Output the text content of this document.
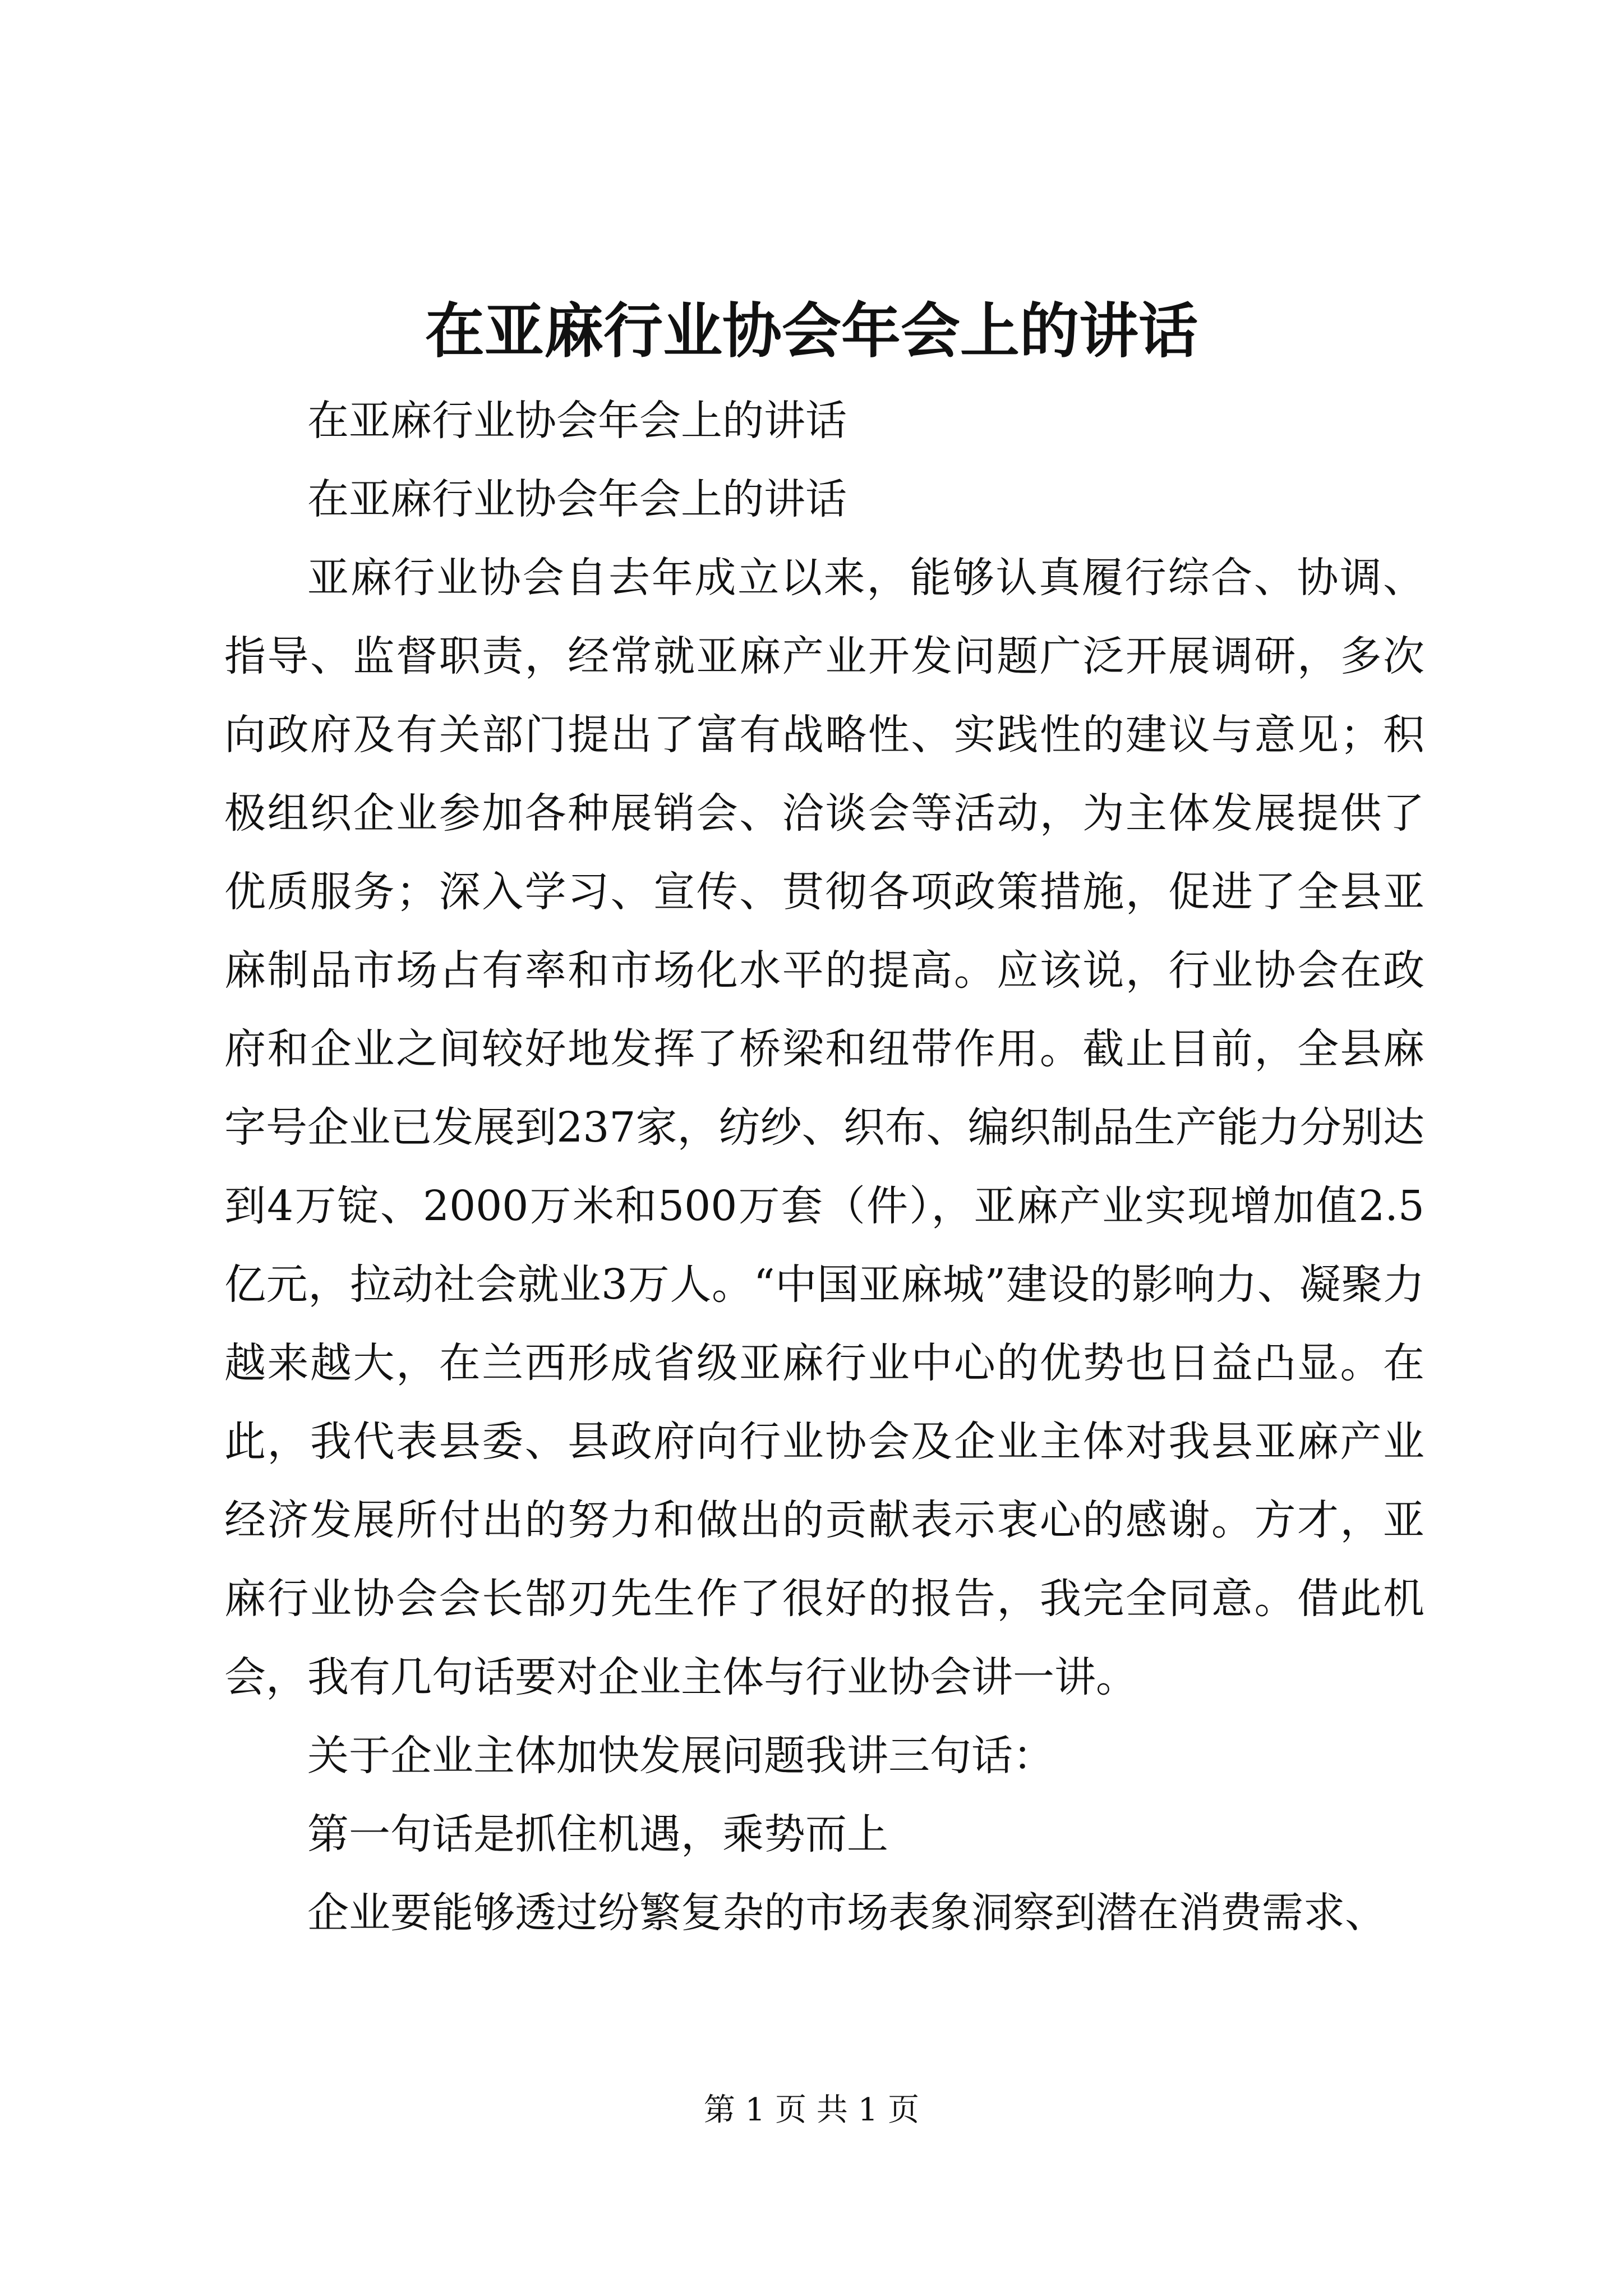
在亚麻行业协会年会上的讲话

在亚麻行业协会年会上的讲话

在亚麻行业协会年会上的讲话

亚麻行业协会自去年成立以来，能够认真履行综合、协调、指导、监督职责，经常就亚麻产业开发问题广泛开展调研，多次向政府及有关部门提出了富有战略性、实践性的建议与意见；积极组织企业参加各种展销会、洽谈会等活动，为主体发展提供了优质服务；深入学习、宣传、贯彻各项政策措施，促进了全县亚麻制品市场占有率和市场化水平的提高。应该说，行业协会在政府和企业之间较好地发挥了桥梁和纽带作用。截止目前，全县麻字号企业已发展到237家，纺纱、织布、编织制品生产能力分别达到4万锭、2000万米和500万套（件），亚麻产业实现增加值2.5亿元，拉动社会就业3万人。“中国亚麻城”建设的影响力、凝聚力越来越大，在兰西形成省级亚麻行业中心的优势也日益凸显。在此，我代表县委、县政府向行业协会及企业主体对我县亚麻产业经济发展所付出的努力和做出的贡献表示衷心的感谢。方才，亚麻行业协会会长郜刃先生作了很好的报告，我完全同意。借此机会，我有几句话要对企业主体与行业协会讲一讲。

关于企业主体加快发展问题我讲三句话：

第一句话是抓住机遇，乘势而上

企业要能够透过纷繁复杂的市场表象洞察到潜在消费需求、

第 1 页 共 1 页
